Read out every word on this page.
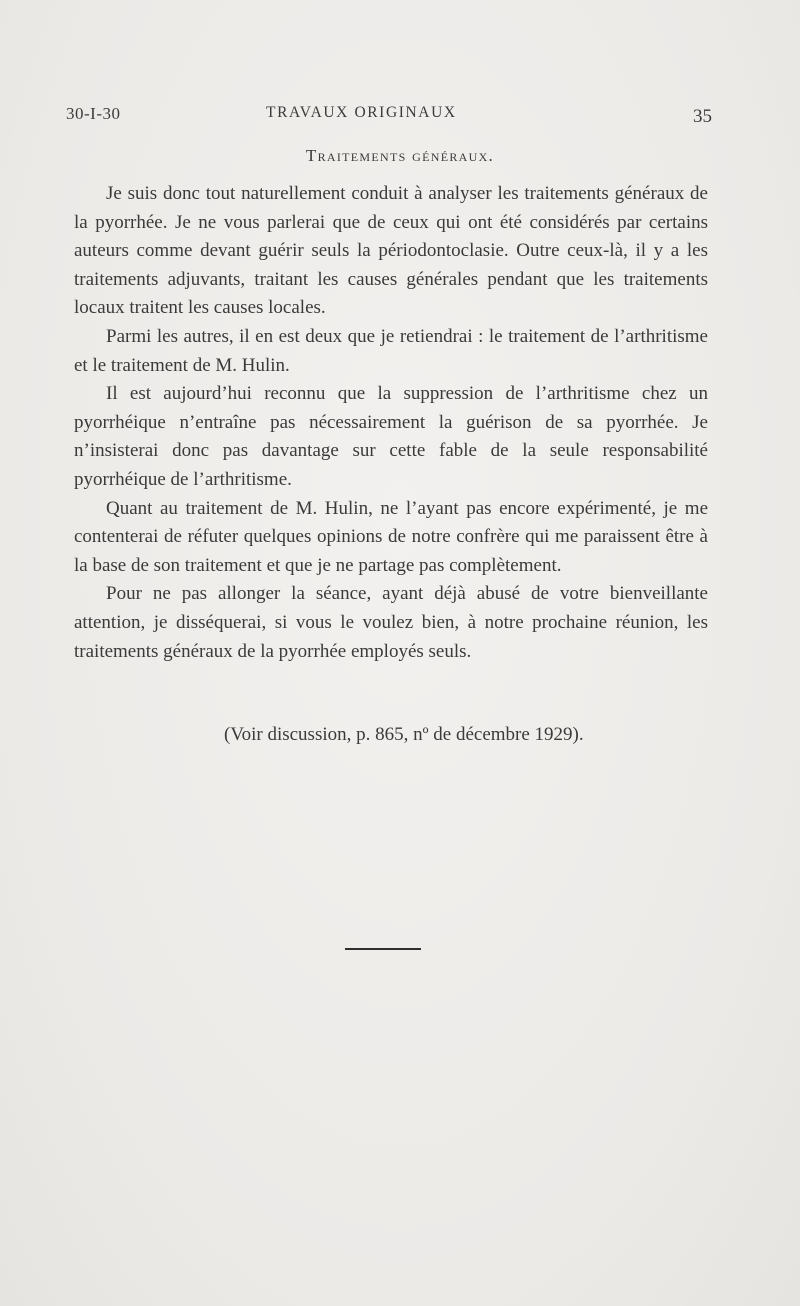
30-I-30	TRAVAUX ORIGINAUX	35
Traitements généraux.

Je suis donc tout naturellement conduit à analyser les traitements généraux de la pyorrhée. Je ne vous parlerai que de ceux qui ont été considérés par certains auteurs comme devant guérir seuls la périodontoclasie. Outre ceux-là, il y a les traitements adjuvants, traitant les causes générales pendant que les traitements locaux traitent les causes locales.

Parmi les autres, il en est deux que je retiendrai : le traitement de l’arthritisme et le traitement de M. Hulin.

Il est aujourd’hui reconnu que la suppression de l’arthritisme chez un pyorrhéique n’entraîne pas nécessairement la guérison de sa pyorrhée. Je n’insisterai donc pas davantage sur cette fable de la seule responsabilité pyorrhéique de l’arthritisme.

Quant au traitement de M. Hulin, ne l’ayant pas encore expérimenté, je me contenterai de réfuter quelques opinions de notre confrère qui me paraissent être à la base de son traitement et que je ne partage pas complètement.

Pour ne pas allonger la séance, ayant déjà abusé de votre bienveillante attention, je disséquerai, si vous le voulez bien, à notre prochaine réunion, les traitements généraux de la pyorrhée employés seuls.

(Voir discussion, p. 865, nº de décembre 1929).
